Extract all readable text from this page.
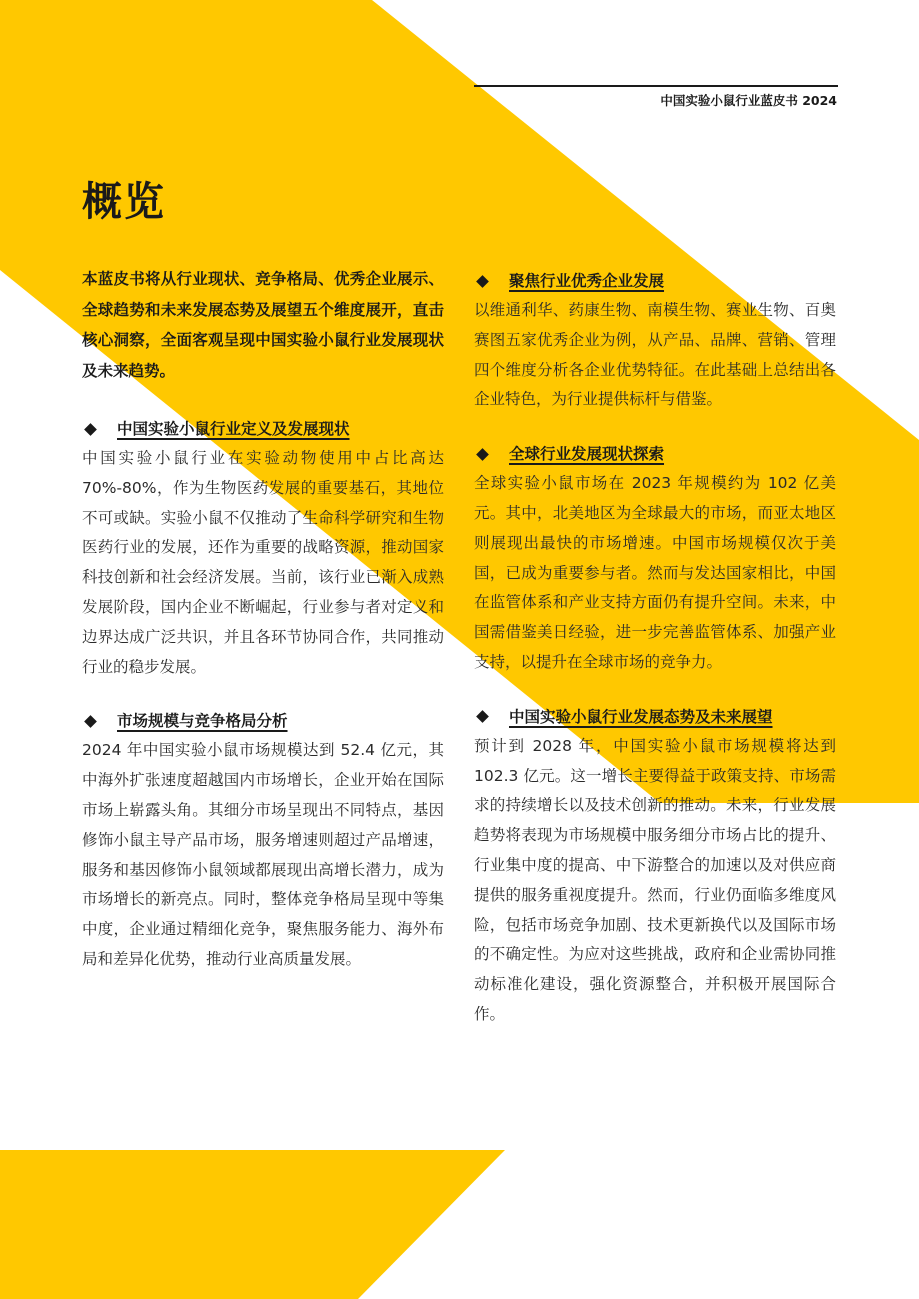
中国实验小鼠行业蓝皮书 2024
概览

本蓝皮书将从行业现状、竞争格局、优秀企业展示、全球趋势和未来发展态势及展望五个维度展开，直击核心洞察，全面客观呈现中国实验小鼠行业发展现状及未来趋势。

中国实验小鼠行业定义及发展现状

中国实验小鼠行业在实验动物使用中占比高达70%-80%，作为生物医药发展的重要基石，其地位不可或缺。实验小鼠不仅推动了生命科学研究和生物医药行业的发展，还作为重要的战略资源，推动国家科技创新和社会经济发展。当前，该行业已渐入成熟发展阶段，国内企业不断崛起，行业参与者对定义和边界达成广泛共识，并且各环节协同合作，共同推动行业的稳步发展。

市场规模与竞争格局分析

2024 年中国实验小鼠市场规模达到 52.4 亿元，其中海外扩张速度超越国内市场增长，企业开始在国际市场上崭露头角。其细分市场呈现出不同特点，基因修饰小鼠主导产品市场，服务增速则超过产品增速，服务和基因修饰小鼠领域都展现出高增长潜力，成为市场增长的新亮点。同时，整体竞争格局呈现中等集中度，企业通过精细化竞争，聚焦服务能力、海外布局和差异化优势，推动行业高质量发展。

聚焦行业优秀企业发展

以维通利华、药康生物、南模生物、赛业生物、百奥赛图五家优秀企业为例，从产品、品牌、营销、管理四个维度分析各企业优势特征。在此基础上总结出各企业特色，为行业提供标杆与借鉴。

全球行业发展现状探索

全球实验小鼠市场在 2023 年规模约为 102 亿美元。其中，北美地区为全球最大的市场，而亚太地区则展现出最快的市场增速。中国市场规模仅次于美国，已成为重要参与者。然而与发达国家相比，中国在监管体系和产业支持方面仍有提升空间。未来，中国需借鉴美日经验，进一步完善监管体系、加强产业支持，以提升在全球市场的竞争力。

中国实验小鼠行业发展态势及未来展望

预计到 2028 年，中国实验小鼠市场规模将达到 102.3 亿元。这一增长主要得益于政策支持、市场需求的持续增长以及技术创新的推动。未来，行业发展趋势将表现为市场规模中服务细分市场占比的提升、行业集中度的提高、中下游整合的加速以及对供应商提供的服务重视度提升。然而，行业仍面临多维度风险，包括市场竞争加剧、技术更新换代以及国际市场的不确定性。为应对这些挑战，政府和企业需协同推动标准化建设，强化资源整合，并积极开展国际合作。
